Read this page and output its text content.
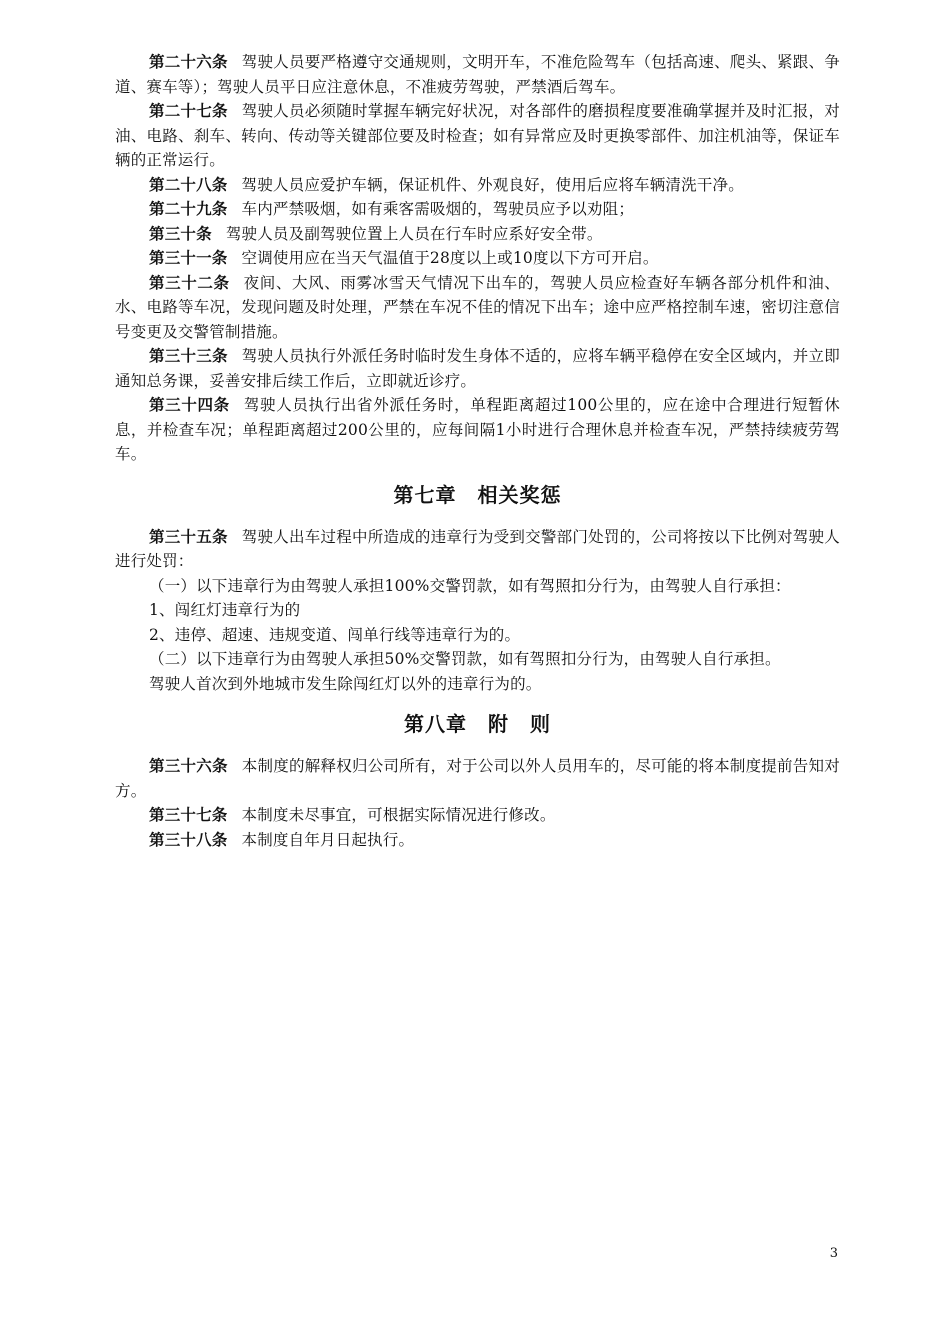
第二十六条 驾驶人员要严格遵守交通规则，文明开车，不准危险驾车（包括高速、爬头、紧跟、争道、赛车等）；驾驶人员平日应注意休息，不准疲劳驾驶，严禁酒后驾车。

第二十七条 驾驶人员必须随时掌握车辆完好状况，对各部件的磨损程度要准确掌握并及时汇报，对油、电路、刹车、转向、传动等关键部位要及时检查；如有异常应及时更换零部件、加注机油等，保证车辆的正常运行。

第二十八条 驾驶人员应爱护车辆，保证机件、外观良好，使用后应将车辆清洗干净。

第二十九条 车内严禁吸烟，如有乘客需吸烟的，驾驶员应予以劝阻；

第三十条 驾驶人员及副驾驶位置上人员在行车时应系好安全带。

第三十一条 空调使用应在当天气温值于28度以上或10度以下方可开启。

第三十二条 夜间、大风、雨雾冰雪天气情况下出车的，驾驶人员应检查好车辆各部分机件和油、水、电路等车况，发现问题及时处理，严禁在车况不佳的情况下出车；途中应严格控制车速，密切注意信号变更及交警管制措施。

第三十三条 驾驶人员执行外派任务时临时发生身体不适的，应将车辆平稳停在安全区域内，并立即通知总务课，妥善安排后续工作后，立即就近诊疗。

第三十四条 驾驶人员执行出省外派任务时，单程距离超过100公里的，应在途中合理进行短暂休息，并检查车况；单程距离超过200公里的，应每间隔1小时进行合理休息并检查车况，严禁持续疲劳驾车。

第七章　相关奖惩

第三十五条 驾驶人出车过程中所造成的违章行为受到交警部门处罚的，公司将按以下比例对驾驶人进行处罚：

（一）以下违章行为由驾驶人承担100%交警罚款，如有驾照扣分行为，由驾驶人自行承担：

1、闯红灯违章行为的

2、违停、超速、违规变道、闯单行线等违章行为的。

（二）以下违章行为由驾驶人承担50%交警罚款，如有驾照扣分行为，由驾驶人自行承担。

驾驶人首次到外地城市发生除闯红灯以外的违章行为的。

第八章　附　则

第三十六条 本制度的解释权归公司所有，对于公司以外人员用车的，尽可能的将本制度提前告知对方。

第三十七条 本制度未尽事宜，可根据实际情况进行修改。

第三十八条 本制度自年月日起执行。

3
